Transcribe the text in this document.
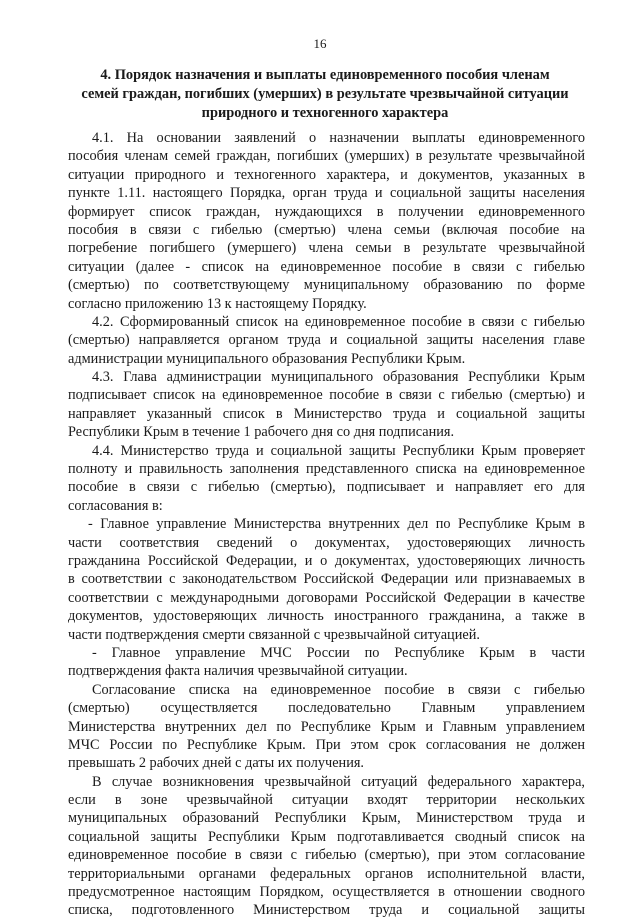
16
4. Порядок назначения и выплаты единовременного пособия членам
семей граждан, погибших (умерших) в результате чрезвычайной ситуации
природного и техногенного характера
4.1. На основании заявлений о назначении выплаты единовременного
пособия членам семей граждан, погибших (умерших) в результате чрезвычайной
ситуации природного и техногенного характера, и документов, указанных в
пункте 1.11. настоящего Порядка, орган труда и социальной защиты населения
формирует список граждан, нуждающихся в получении единовременного
пособия в связи с гибелью (смертью) члена семьи (включая пособие на
погребение погибшего (умершего) члена семьи в результате чрезвычайной
ситуации (далее - список на единовременное пособие в связи с гибелью
(смертью) по соответствующему муниципальному образованию по форме
согласно приложению 13 к настоящему Порядку.
4.2. Сформированный список на единовременное пособие в связи с гибелью
(смертью) направляется органом труда и социальной защиты населения главе
администрации муниципального образования Республики Крым.
4.3. Глава администрации муниципального образования Республики Крым
подписывает список на единовременное пособие в связи с гибелью (смертью) и
направляет указанный список в Министерство труда и социальной защиты
Республики Крым в течение 1 рабочего дня со дня подписания.
4.4. Министерство труда и социальной защиты Республики Крым проверяет
полноту и правильность заполнения представленного списка на единовременное
пособие в связи с гибелью (смертью), подписывает и направляет его для
согласования в:
- Главное управление Министерства внутренних дел по Республике Крым в
части соответствия сведений о документах, удостоверяющих личность
гражданина Российской Федерации, и о документах, удостоверяющих личность
в соответствии с законодательством Российской Федерации или признаваемых в
соответствии с международными договорами Российской Федерации в качестве
документов, удостоверяющих личность иностранного гражданина, а также в
части подтверждения смерти связанной с чрезвычайной ситуацией.
- Главное управление МЧС России по Республике Крым в части
подтверждения факта наличия чрезвычайной ситуации.
Согласование списка на единовременное пособие в связи с гибелью
(смертью) осуществляется последовательно Главным управлением
Министерства внутренних дел по Республике Крым и Главным управлением
МЧС России по Республике Крым. При этом срок согласования не должен
превышать 2 рабочих дней с даты их получения.
В случае возникновения чрезвычайной ситуаций федерального характера,
если в зоне чрезвычайной ситуации входят территории нескольких
муниципальных образований Республики Крым, Министерством труда и
социальной защиты Республики Крым подготавливается сводный список на
единовременное пособие в связи с гибелью (смертью), при этом согласование
территориальными органами федеральных органов исполнительной власти,
предусмотренное настоящим Порядком, осуществляется в отношении сводного
списка, подготовленного Министерством труда и социальной защиты
